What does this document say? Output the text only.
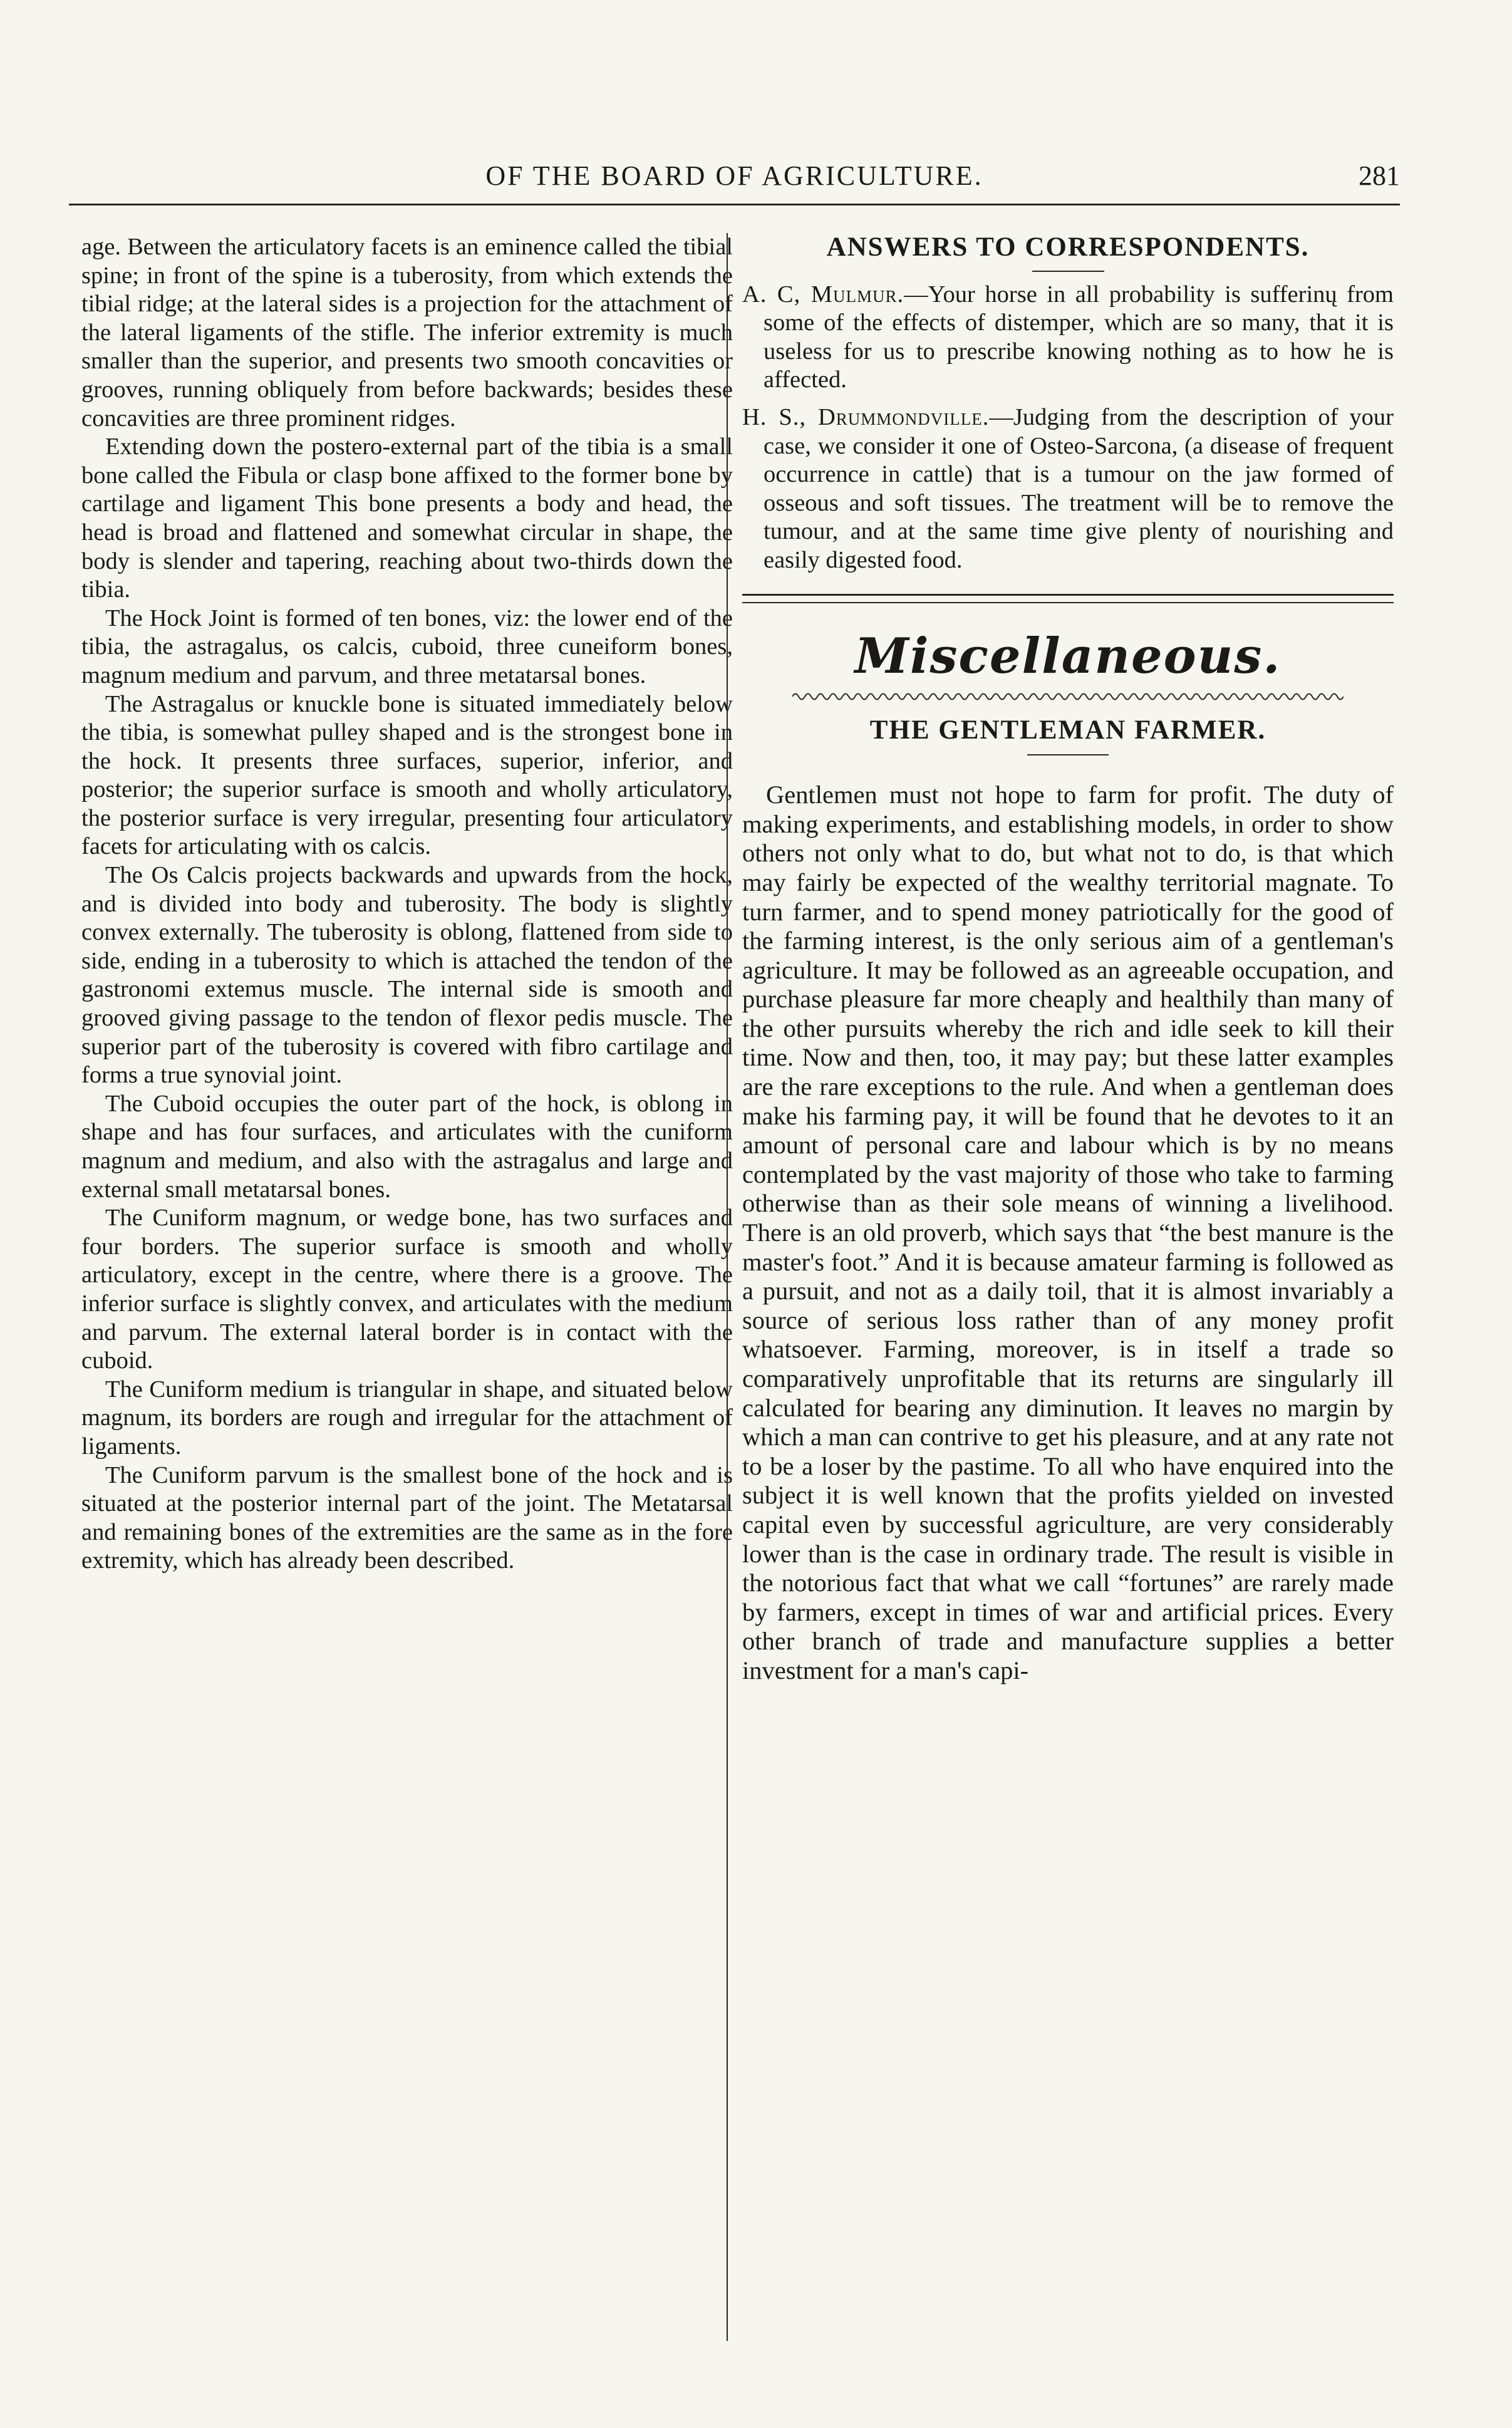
OF THE BOARD OF AGRICULTURE.	281

age. Between the articulatory facets is an eminence called the tibial spine; in front of the spine is a tuberosity, from which extends the tibial ridge; at the lateral sides is a projection for the attachment of the lateral ligaments of the stifle. The inferior extremity is much smaller than the superior, and presents two smooth concavities or grooves, running obliquely from before backwards; besides these concavities are three prominent ridges.

Extending down the postero-external part of the tibia is a small bone called the Fibula or clasp bone affixed to the former bone by cartilage and ligament This bone presents a body and head, the head is broad and flattened and somewhat circular in shape, the body is slender and tapering, reaching about two-thirds down the tibia.

The Hock Joint is formed of ten bones, viz: the lower end of the tibia, the astragalus, os calcis, cuboid, three cuneiform bones, magnum medium and parvum, and three metatarsal bones.

The Astragalus or knuckle bone is situated immediately below the tibia, is somewhat pulley shaped and is the strongest bone in the hock. It presents three surfaces, superior, inferior, and posterior; the superior surface is smooth and wholly articulatory, the posterior surface is very irregular, presenting four articulatory facets for articulating with os calcis.

The Os Calcis projects backwards and upwards from the hock, and is divided into body and tuberosity. The body is slightly convex externally. The tuberosity is oblong, flattened from side to side, ending in a tuberosity to which is attached the tendon of the gastronomi extemus muscle. The internal side is smooth and grooved giving passage to the tendon of flexor pedis muscle. The superior part of the tuberosity is covered with fibro cartilage and forms a true synovial joint.

The Cuboid occupies the outer part of the hock, is oblong in shape and has four surfaces, and articulates with the cuniform magnum and medium, and also with the astragalus and large and external small metatarsal bones.

The Cuniform magnum, or wedge bone, has two surfaces and four borders. The superior surface is smooth and wholly articulatory, except in the centre, where there is a groove. The inferior surface is slightly convex, and articulates with the medium and parvum. The external lateral border is in contact with the cuboid.

The Cuniform medium is triangular in shape, and situated below magnum, its borders are rough and irregular for the attachment of ligaments.

The Cuniform parvum is the smallest bone of the hock and is situated at the posterior internal part of the joint. The Metatarsal and remaining bones of the extremities are the same as in the fore extremity, which has already been described.

ANSWERS TO CORRESPONDENTS.
A. C, Mulmur.—Your horse in all probability is sufferinų from some of the effects of distemper, which are so many, that it is useless for us to prescribe knowing nothing as to how he is affected.
H. S., Drummondville.—Judging from the description of your case, we consider it one of Osteo-Sarcona, (a disease of frequent occurrence in cattle) that is a tumour on the jaw formed of osseous and soft tissues. The treatment will be to remove the tumour, and at the same time give plenty of nourishing and easily digested food.
Miscellaneous.
THE GENTLEMAN FARMER.

Gentlemen must not hope to farm for profit. The duty of making experiments, and establishing models, in order to show others not only what to do, but what not to do, is that which may fairly be expected of the wealthy territorial magnate. To turn farmer, and to spend money patriotically for the good of the farming interest, is the only serious aim of a gentleman's agriculture. It may be followed as an agreeable occupation, and purchase pleasure far more cheaply and healthily than many of the other pursuits whereby the rich and idle seek to kill their time. Now and then, too, it may pay; but these latter examples are the rare exceptions to the rule. And when a gentleman does make his farming pay, it will be found that he devotes to it an amount of personal care and labour which is by no means contemplated by the vast majority of those who take to farming otherwise than as their sole means of winning a livelihood. There is an old proverb, which says that “the best manure is the master's foot.” And it is because amateur farming is followed as a pursuit, and not as a daily toil, that it is almost invariably a source of serious loss rather than of any money profit whatsoever. Farming, moreover, is in itself a trade so comparatively unprofitable that its returns are singularly ill calculated for bearing any diminution. It leaves no margin by which a man can contrive to get his pleasure, and at any rate not to be a loser by the pastime. To all who have enquired into the subject it is well known that the profits yielded on invested capital even by successful agriculture, are very considerably lower than is the case in ordinary trade. The result is visible in the notorious fact that what we call “fortunes” are rarely made by farmers, except in times of war and artificial prices. Every other branch of trade and manufacture supplies a better investment for a man's capi-
